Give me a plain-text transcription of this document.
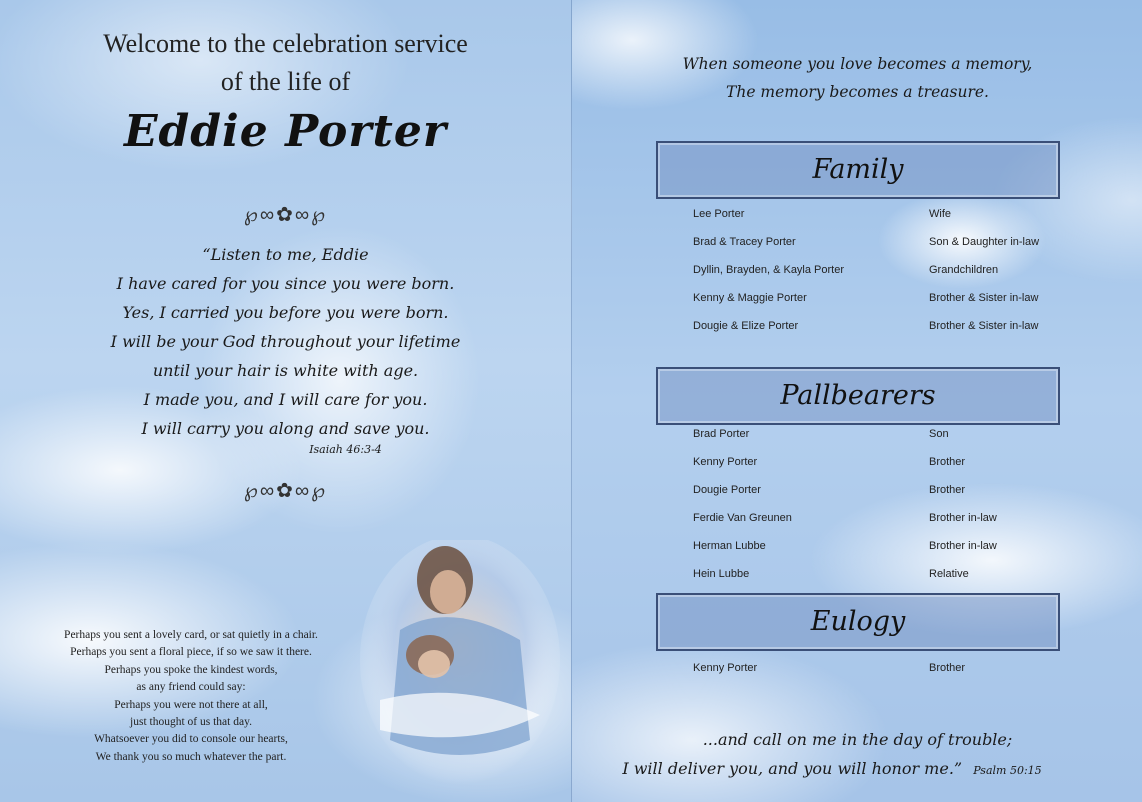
Welcome to the celebration service
of the life of
Eddie Porter
℘∞✿∞℘
“Listen to me, Eddie
I have cared for you since you were born.
Yes, I carried you before you were born.
I will be your God throughout your lifetime
until your hair is white with age.
I made you, and I will care for you.
I will carry you along and save you.
Isaiah 46:3-4
℘∞✿∞℘
Perhaps you sent a lovely card, or sat quietly in a chair.
Perhaps you sent a floral piece, if so we saw it there.
Perhaps you spoke the kindest words,
as any friend could say:
Perhaps you were not there at all,
just thought of us that day.
Whatsoever you did to console our hearts,
We thank you so much whatever the part.
When someone you love becomes a memory,
The memory becomes a treasure.
Family
Lee Porter	Wife
Brad & Tracey Porter	Son & Daughter in-law
Dyllin, Brayden, & Kayla Porter	Grandchildren
Kenny & Maggie Porter	Brother & Sister in-law
Dougie & Elize Porter	Brother & Sister in-law
Pallbearers
Brad Porter	Son
Kenny Porter	Brother
Dougie Porter	Brother
Ferdie Van Greunen	Brother in-law
Herman Lubbe	Brother in-law
Hein Lubbe	Relative
Eulogy
Kenny Porter	Brother
...and call on me in the day of trouble;
I will deliver you, and you will honor me.” Psalm 50:15
